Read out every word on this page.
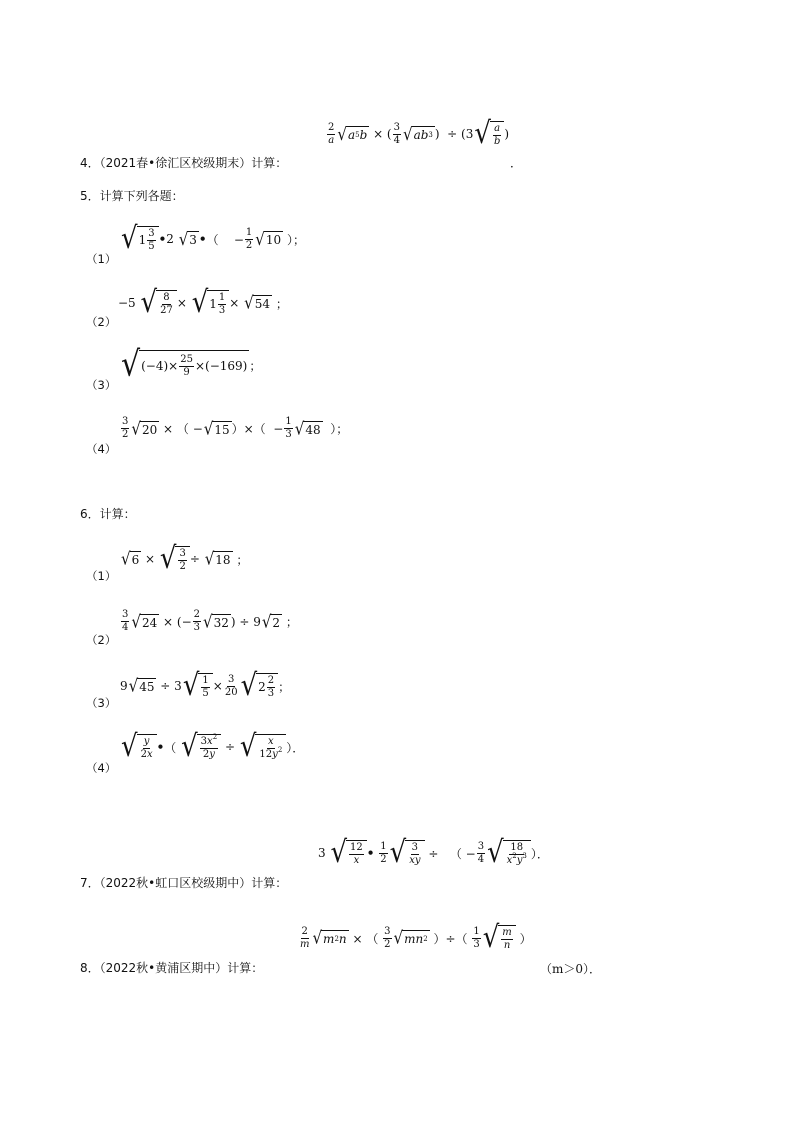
4．（2021春•徐汇区校级期末）计算：
$\frac{2}{a}$ √ a 5 b × ( $\frac{3}{4}$ √ ab 3 )  ÷ (3 √ $\frac{a}{b}$ )
．
5．计算下列各题：
（1）
√ $1 \frac{3}{5}$ • 2 √ 3 • （    − $\frac{1}{2}$ √ 10 ）；
（2）
−5 √ $\frac{8}{27}$ × √ $1 \frac{1}{3}$ × √ 54 ；
（3）
√ $(-4)\times \frac{25}{9} \times(-169)$ ；
（4）
$\frac{3}{2}$ √ 20 × （ − √ 15 ）×（  − $\frac{1}{3}$ √ 48 ）；
6．计算：
（1）
√ 6 × √ $\frac{3}{2}$ ÷ √ 18 ；
（2）
$\frac{3}{4}$ √ 24 × (− $\frac{2}{3}$ √ 32 ) ÷ 9 √ 2 ；
（3）
9 √ 45 ÷ 3 √ $\frac{1}{5} \times \frac{3}{20}$ √ $2 \frac{2}{3}$ ；
（4）
√ $\frac{y}{2x}$ • （ √ $\frac{3x^2}{2y}$ ÷ √ $\frac{x}{12y^2}$ ）．
7．（2022秋•虹口区校级期中）计算：
3 √ $\frac{12}{x}$ •
$\frac{1}{2}$ √ $\frac{3}{xy}$ ÷   （ − $\frac{3}{4}$ √ $\frac{18}{x^2y^3}$ ）．
8．（2022秋•黄浦区期中）计算：
$\frac{2}{m}$ √ m 2 n × （ $\frac{3}{2}$ √ mn 2 ）÷（ $\frac{1}{3}$ √ $\frac{m}{n}$ ）
（m＞0）．
